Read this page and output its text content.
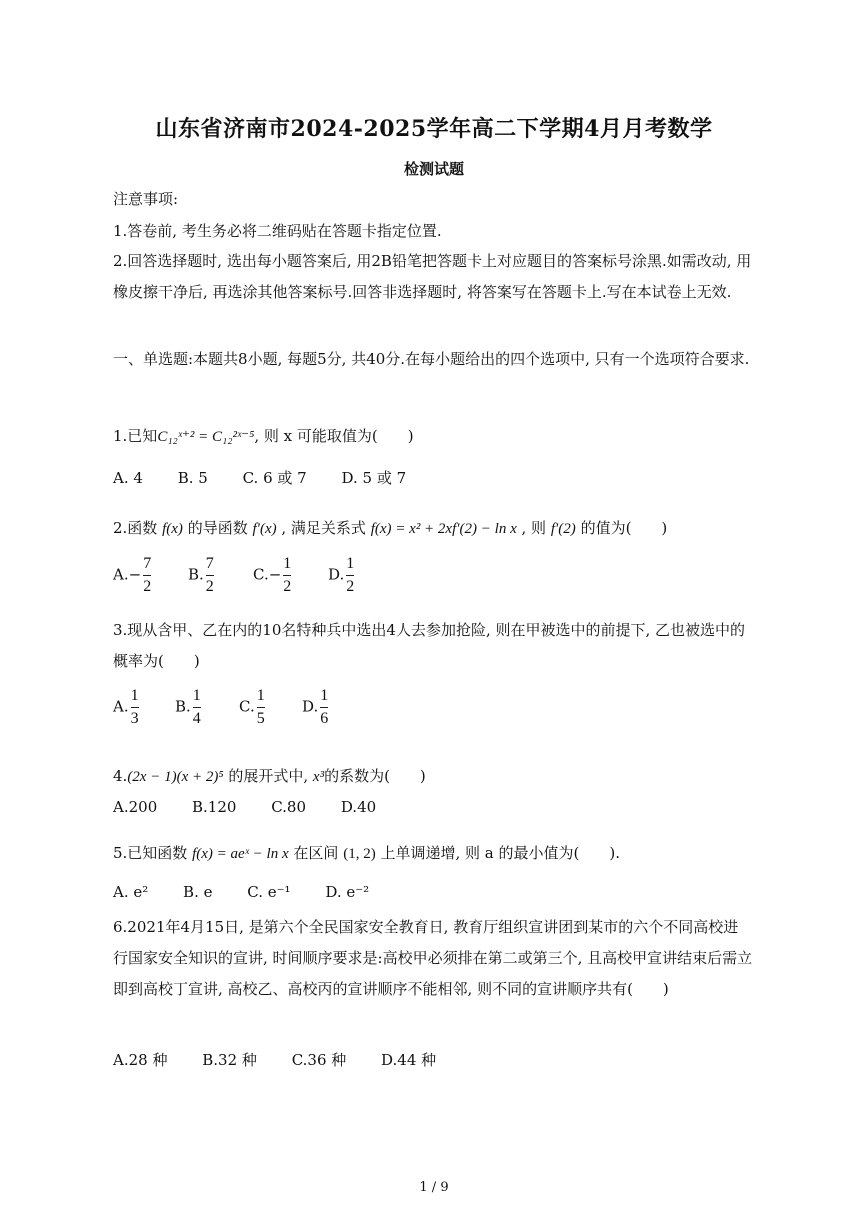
山东省济南市2024-2025学年高二下学期4月月考数学
检测试题
注意事项:
1.答卷前, 考生务必将二维码贴在答题卡指定位置.
2.回答选择题时, 选出每小题答案后, 用2B铅笔把答题卡上对应题目的答案标号涂黑.如需改动, 用橡皮擦干净后, 再选涂其他答案标号.回答非选择题时, 将答案写在答题卡上.写在本试卷上无效.
一、单选题:本题共8小题, 每题5分, 共40分.在每小题给出的四个选项中, 只有一个选项符合要求.
1.已知C₁₂ˣ⁺² = C₁₂²ˣ⁻⁵, 则 x 可能取值为(　　)
A. 4 B. 5 C. 6 或 7 D. 5 或 7
2.函数 f(x) 的导函数 f′(x) , 满足关系式 f(x) = x² + 2xf′(2) − ln x , 则 f′(2) 的值为(　　)
$A.- \frac{7}{2} B$. $\frac{7}{2}$	$C.- \frac{1}{2} D$. $\frac{1}{2}$
3.现从含甲、乙在内的10名特种兵中选出4人去参加抢险, 则在甲被选中的前提下, 乙也被选中的概率为(　　)
A. $\frac{1}{3} B$. $\frac{1}{4}$	C. $\frac{1}{5} D$. $\frac{1}{6}$
4.(2x − 1)(x + 2)⁵ 的展开式中, x³的系数为(　　)
A.200 B.120 C.80 D.40
5.已知函数 f(x) = aeˣ − ln x 在区间 (1, 2) 上单调递增, 则 a 的最小值为(　　).
A. e² B. e C. e⁻¹ D. e⁻²
6.2021年4月15日, 是第六个全民国家安全教育日, 教育厅组织宣讲团到某市的六个不同高校进行国家安全知识的宣讲, 时间顺序要求是:高校甲必须排在第二或第三个, 且高校甲宣讲结束后需立即到高校丁宣讲, 高校乙、高校丙的宣讲顺序不能相邻, 则不同的宣讲顺序共有(　　)
A.28 种 B.32 种 C.36 种 D.44 种
1 / 9
